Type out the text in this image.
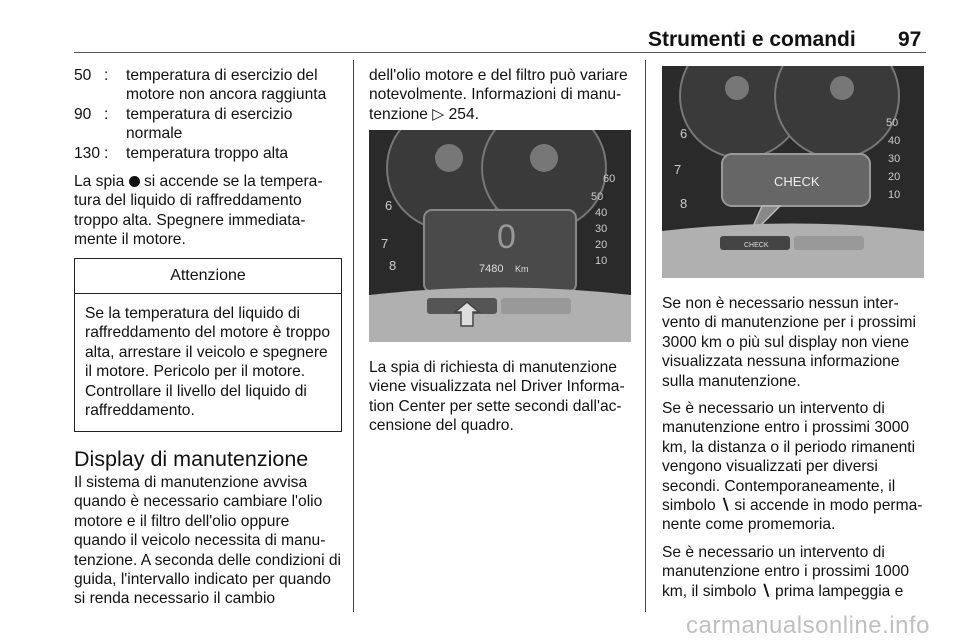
Strumenti e comandi 97
50 :	temperatura di esercizio del motore non ancora raggiunta
90 :	temperatura di esercizio normale
130 :	temperatura troppo alta

La spia  si accende se la temperatura del liquido di raffreddamento troppo alta. Spegnere immediatamente il motore.

Attenzione
Se la temperatura del liquido di raffreddamento del motore è troppo alta, arrestare il veicolo e spegnere il motore. Pericolo per il motore. Controllare il livello del liquido di raffreddamento.
Display di manutenzione

Il sistema di manutenzione avvisa quando è necessario cambiare l'olio motore e il filtro dell'olio oppure quando il veicolo necessita di manutenzione. A seconda delle condizioni di guida, l'intervallo indicato per quando si renda necessario il cambio

dell'olio motore e del filtro può variare notevolmente. Informazioni di manutenzione ▷ 254.

7
6
8
50
40
30
20
10
60
0
7480 Km

La spia di richiesta di manutenzione viene visualizzata nel Driver Information Center per sette secondi dall'accensione del quadro.

CHECK
6
7
8
50
40
30
20
10
CHECK

Se non è necessario nessun intervento di manutenzione per i prossimi 3000 km o più sul display non viene visualizzata nessuna informazione sulla manutenzione.

Se è necessario un intervento di manutenzione entro i prossimi 3000 km, la distanza o il periodo rimanenti vengono visualizzati per diversi secondi. Contemporaneamente, il simbolo ∖ si accende in modo permanente come promemoria.

Se è necessario un intervento di manutenzione entro i prossimi 1000 km, il simbolo ∖ prima lampeggia e

carmanualsonline.info
